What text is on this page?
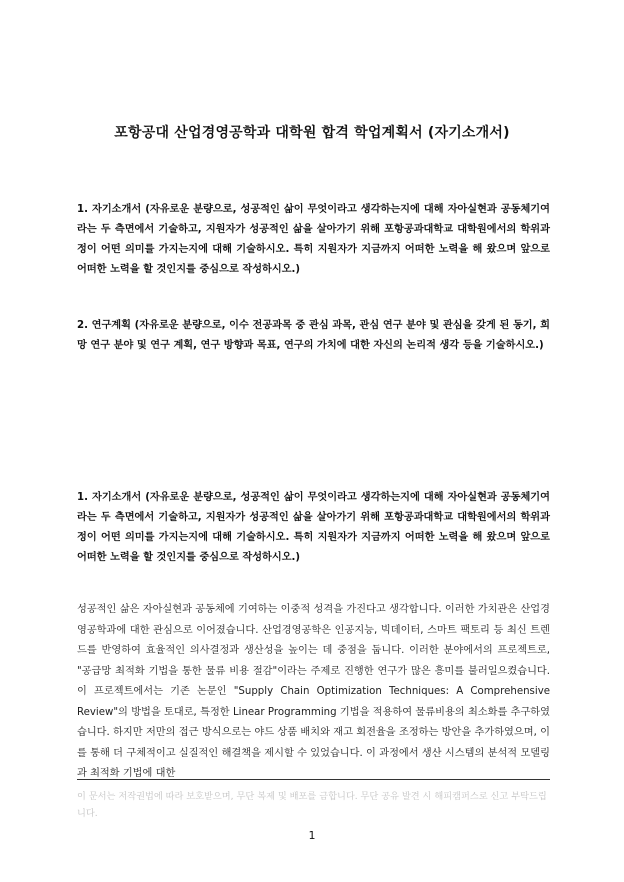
포항공대 산업경영공학과 대학원 합격 학업계획서 (자기소개서)

1. 자기소개서 (자유로운 분량으로, 성공적인 삶이 무엇이라고 생각하는지에 대해 자아실현과 공동체기여라는 두 측면에서 기술하고, 지원자가 성공적인 삶을 살아가기 위해 포항공과대학교 대학원에서의 학위과정이 어떤 의미를 가지는지에 대해 기술하시오. 특히 지원자가 지금까지 어떠한 노력을 해 왔으며 앞으로 어떠한 노력을 할 것인지를 중심으로 작성하시오.)

2. 연구계획 (자유로운 분량으로, 이수 전공과목 중 관심 과목, 관심 연구 분야 및 관심을 갖게 된 동기, 희망 연구 분야 및 연구 계획, 연구 방향과 목표, 연구의 가치에 대한 자신의 논리적 생각 등을 기술하시오.)

1. 자기소개서 (자유로운 분량으로, 성공적인 삶이 무엇이라고 생각하는지에 대해 자아실현과 공동체기여라는 두 측면에서 기술하고, 지원자가 성공적인 삶을 살아가기 위해 포항공과대학교 대학원에서의 학위과정이 어떤 의미를 가지는지에 대해 기술하시오. 특히 지원자가 지금까지 어떠한 노력을 해 왔으며 앞으로 어떠한 노력을 할 것인지를 중심으로 작성하시오.)

성공적인 삶은 자아실현과 공동체에 기여하는 이중적 성격을 가진다고 생각합니다. 이러한 가치관은 산업경영공학과에 대한 관심으로 이어졌습니다. 산업경영공학은 인공지능, 빅데이터, 스마트 팩토리 등 최신 트렌드를 반영하여 효율적인 의사결정과 생산성을 높이는 데 중점을 둡니다. 이러한 분야에서의 프로젝트로, "공급망 최적화 기법을 통한 물류 비용 절감"이라는 주제로 진행한 연구가 많은 흥미를 불러일으켰습니다. 이 프로젝트에서는 기존 논문인 "Supply Chain Optimization Techniques: A Comprehensive Review"의 방법을 토대로, 특정한 Linear Programming 기법을 적용하여 물류비용의 최소화를 추구하였습니다. 하지만 저만의 접근 방식으로는 야드 상품 배치와 재고 회전율을 조정하는 방안을 추가하였으며, 이를 통해 더 구체적이고 실질적인 해결책을 제시할 수 있었습니다. 이 과정에서 생산 시스템의 분석적 모델링과 최적화 기법에 대한

이 문서는 저작권법에 따라 보호받으며, 무단 복제 및 배포를 금합니다. 무단 공유 발견 시 해피캠퍼스로 신고 부탁드립니다.

1
